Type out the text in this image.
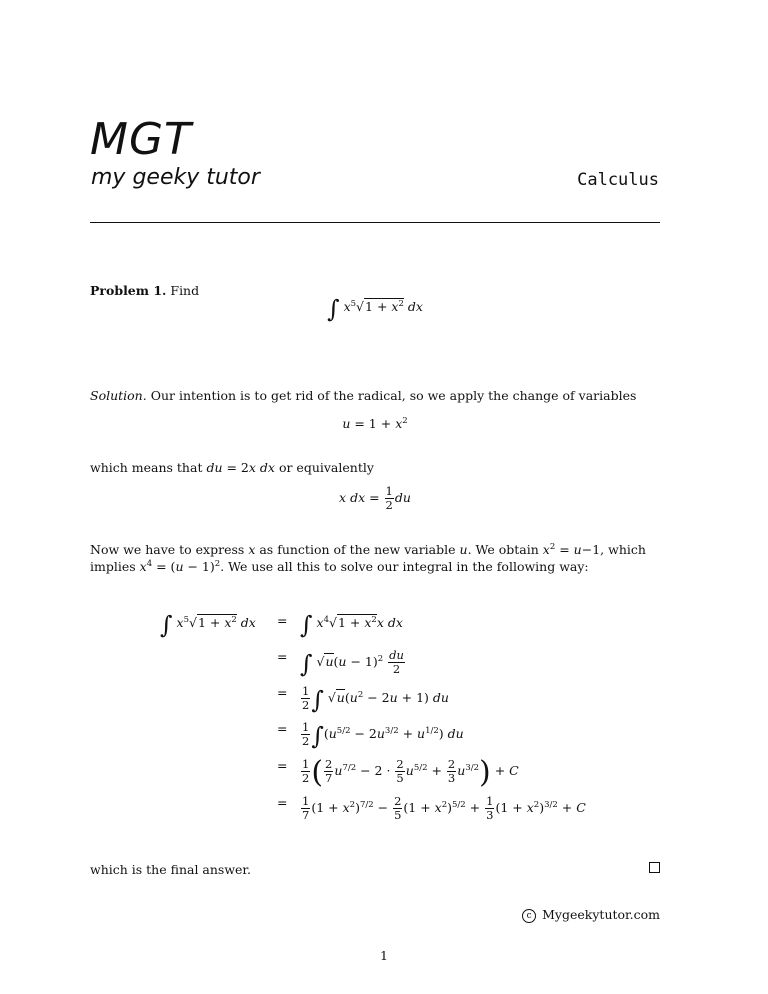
MGT
my geeky tutor	Calculus
Problem 1. Find
∫ $x^5√1 + x^2$ dx
Solution. Our intention is to get rid of the radical, so we apply the change of variables
$u = 1 + x^2$
which means that du = 2x dx or equivalently
x dx = $\frac{1}{2}$ du
Now we have to express x as function of the new variable u. We obtain $x^2 = u-1$, which implies $x^4 = (u - 1)^2$. We use all this to solve our integral in the following way:
∫ $x^5√1 + x^2$ dx = ∫ $x^4√1 + x^2x$ dx
= ∫ $√u(u - 1)^2 \frac{du}{2}$
= $\frac{1}{2}$ ∫ $√u(u^2 - 2u + 1)$ du
= $\frac{1}{2} \int(u^{5/2} - 2u^{3/2} + u^{1/2})$ du
= $\frac{1}{2}$ ( $\frac{2}{7} u^{7/2} - 2 \cdot \frac{2}{5} u^{5/2} + \frac{2}{3} u^{3/2}) + C$
= $\frac{1}{7} (1 + x^2)^{7/2} - \frac{2}{5} (1 + x^2)^{5/2} + \frac{1}{3} (1 + x^2)^{3/2} + C$
which is the final answer.
c Mygeekytutor.com
1
